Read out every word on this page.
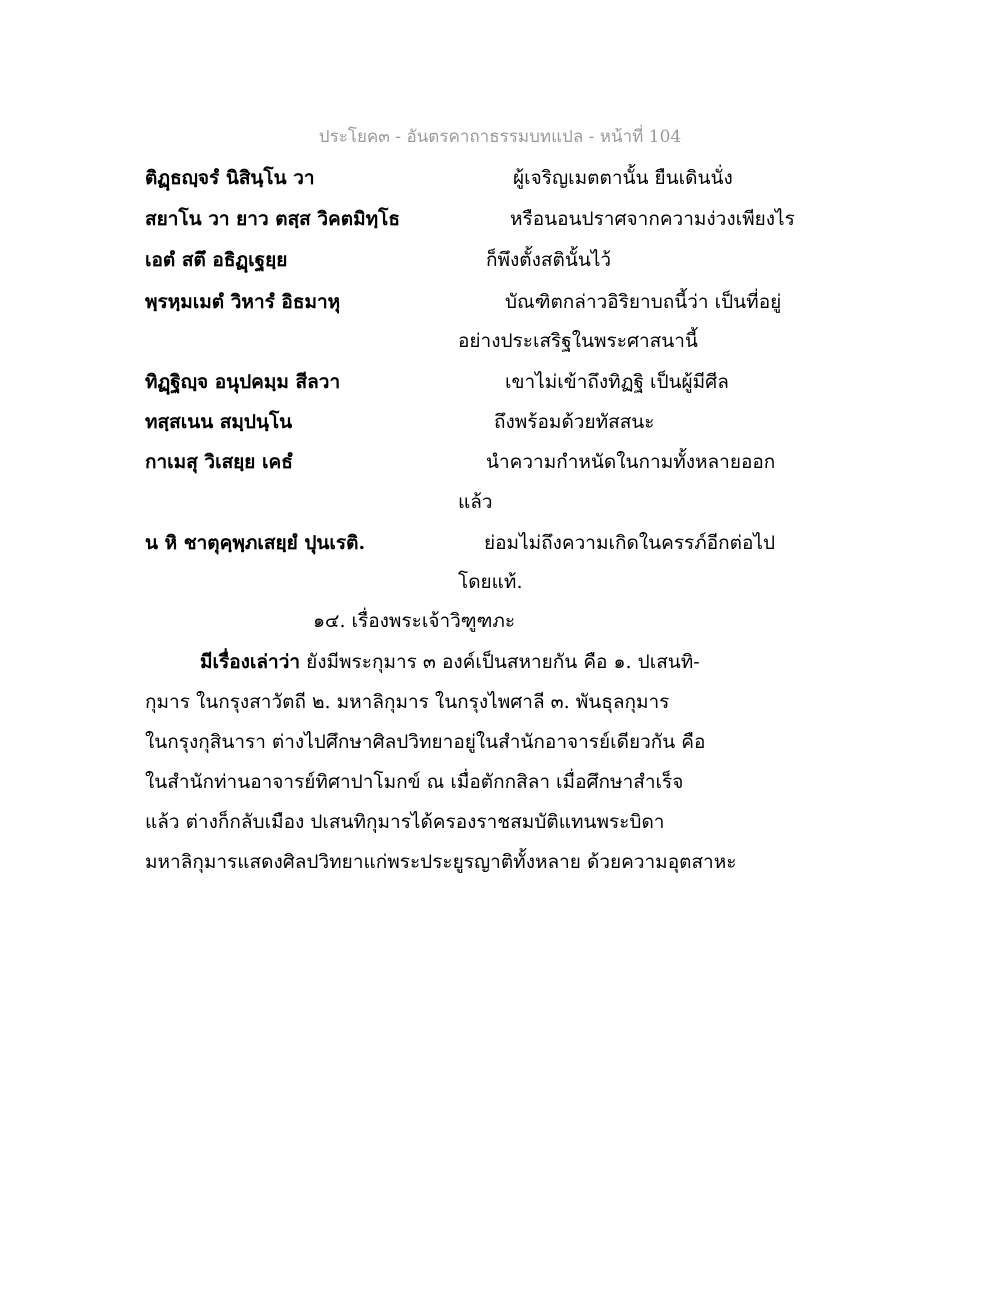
ประโยค๓ - อันตรคาถาธรรมบทแปล - หน้าที่ 104
ติฏฺธญฺจรํ นิสินฺโน วา	ผู้เจริญเมตตานั้น ยืนเดินนั่ง
สยาโน วา ยาว ตสฺส วิคตมิทฺโธ	หรือนอนปราศจากความง่วงเพียงไร
เอตํ สตึ อธิฏฺเฐยฺย	ก็พึงตั้งสตินั้นไว้
พฺรหฺมเมตํ วิหารํ อิธมาหุ	บัณฑิตกล่าวอิริยาบถนี้ว่า เป็นที่อยู่
อย่างประเสริฐในพระศาสนานี้
ทิฏฺฐิญฺจ อนุปคมฺม สีลวา	เขาไม่เข้าถึงทิฏฐิ เป็นผู้มีศีล
ทสฺสเนน สมฺปนฺโน	ถึงพร้อมด้วยทัสสนะ
กาเมสุ วิเสยฺย เคธํ	นำความกำหนัดในกามทั้งหลายออก
แล้ว
น หิ ชาตุคฺพฺภเสยฺยํ ปุนเรติ.	ย่อมไม่ถึงความเกิดในครรภ์อีกต่อไป
โดยแท้.
๑๔. เรื่องพระเจ้าวิฑูฑภะ
มีเรื่องเล่าว่า ยังมีพระกุมาร ๓ องค์เป็นสหายกัน คือ ๑. ปเสนทิ-
กุมาร ในกรุงสาวัตถี ๒. มหาลิกุมาร ในกรุงไพศาลี ๓. พันธุลกุมาร
ในกรุงกุสินารา ต่างไปศึกษาศิลปวิทยาอยู่ในสำนักอาจารย์เดียวกัน คือ
ในสำนักท่านอาจารย์ทิศาปาโมกข์ ณ เมื่อตักกสิลา เมื่อศึกษาสำเร็จ
แล้ว ต่างก็กลับเมือง ปเสนทิกุมารได้ครองราชสมบัติแทนพระบิดา
มหาลิกุมารแสดงศิลปวิทยาแก่พระประยูรญาติทั้งหลาย ด้วยความอุตสาหะ
